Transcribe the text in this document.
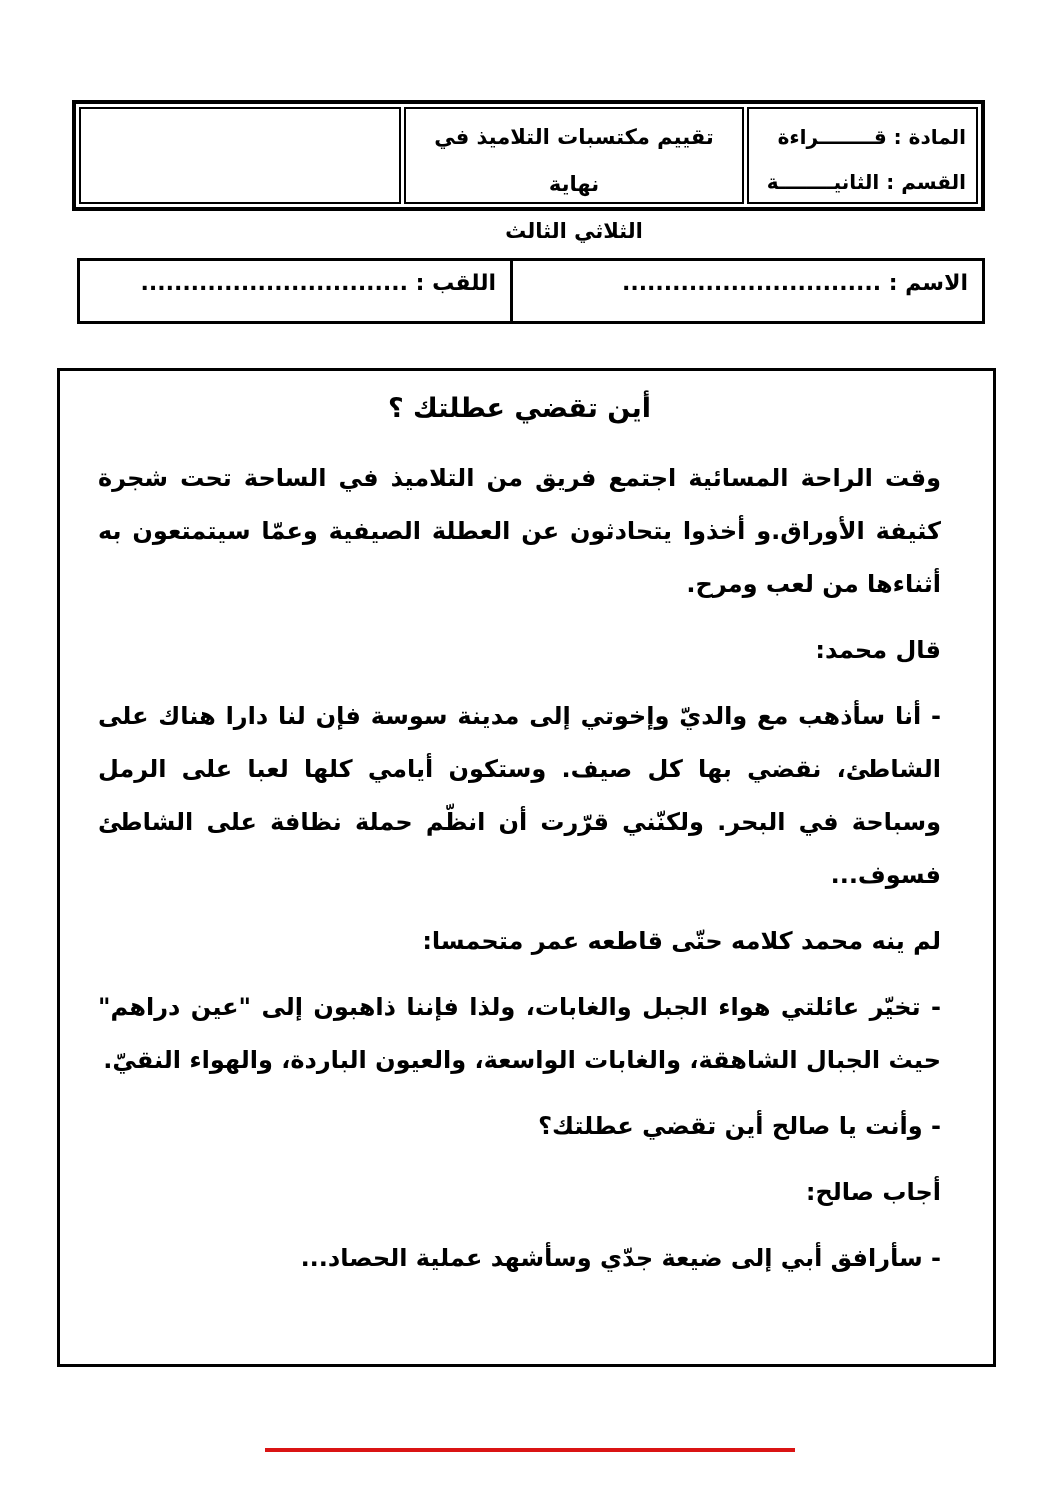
المادة : قــــــــراءة
القسم : الثانيــــــــة
تقييم مكتسبات التلاميذ في نهاية
الثلاثي الثالث
الاسم : ...............................
اللقب : ................................
أين تقضي عطلتك ؟

وقت الراحة المسائية اجتمع فريق من التلاميذ في الساحة تحت شجرة كثيفة الأوراق.و أخذوا يتحادثون عن العطلة الصيفية وعمّا سيتمتعون به أثناءها من لعب ومرح.

قال محمد:

- أنا سأذهب مع والديّ وإخوتي إلى مدينة سوسة فإن لنا دارا هناك على الشاطئ، نقضي بها كل صيف. وستكون أيامي كلها لعبا على الرمل وسباحة في البحر. ولكنّني قرّرت أن انظّم حملة نظافة على الشاطئ فسوف...

لم ينه محمد كلامه حتّى قاطعه عمر متحمسا:

- تخيّر عائلتي هواء الجبل والغابات، ولذا فإننا ذاهبون إلى "عين دراهم" حيث الجبال الشاهقة، والغابات الواسعة، والعيون الباردة، والهواء النقيّ.

- وأنت يا صالح أين تقضي عطلتك؟

أجاب صالح:

- سأرافق أبي إلى ضيعة جدّي وسأشهد عملية الحصاد...
